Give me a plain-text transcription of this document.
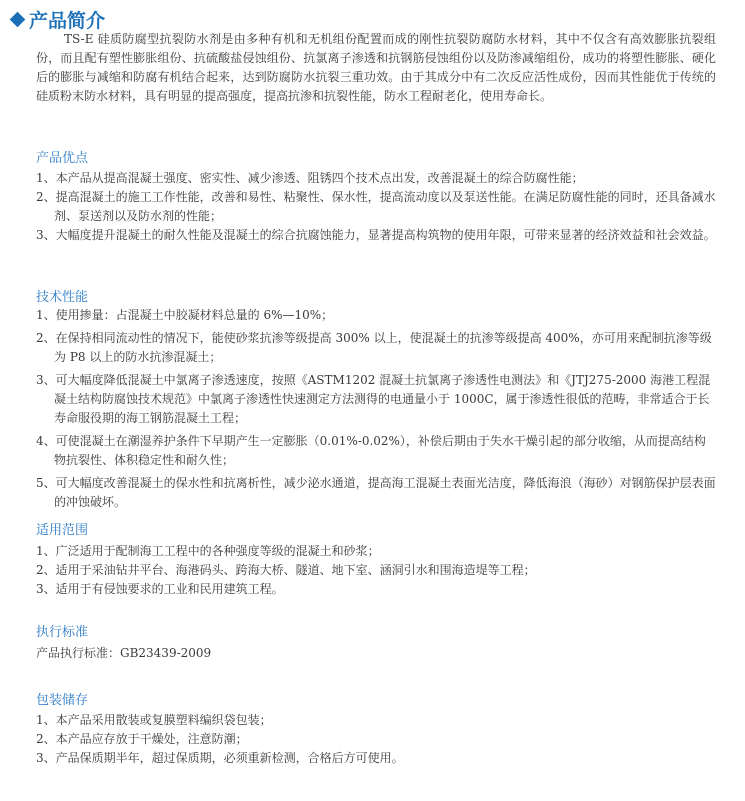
产品简介
TS-E 硅质防腐型抗裂防水剂是由多种有机和无机组份配置而成的刚性抗裂防腐防水材料，其中不仅含有高效膨胀抗裂组份，而且配有塑性膨胀组份、抗硫酸盐侵蚀组份、抗氯离子渗透和抗钢筋侵蚀组份以及防渗减缩组份，成功的将塑性膨胀、硬化后的膨胀与减缩和防腐有机结合起来，达到防腐防水抗裂三重功效。由于其成分中有二次反应活性成份，因而其性能优于传统的硅质粉末防水材料，具有明显的提高强度，提高抗渗和抗裂性能，防水工程耐老化，使用寿命长。
产品优点
1、本产品从提高混凝土强度、密实性、减少渗透、阻锈四个技术点出发，改善混凝土的综合防腐性能；
2、提高混凝土的施工工作性能，改善和易性、粘聚性、保水性，提高流动度以及泵送性能。在满足防腐性能的同时，还具备减水剂、泵送剂以及防水剂的性能；
3、大幅度提升混凝土的耐久性能及混凝土的综合抗腐蚀能力，显著提高构筑物的使用年限，可带来显著的经济效益和社会效益。
技术性能
1、使用掺量：占混凝土中胶凝材料总量的 6%—10%；
2、在保持相同流动性的情况下，能使砂浆抗渗等级提高 300% 以上，使混凝土的抗渗等级提高 400%，亦可用来配制抗渗等级为 P8 以上的防水抗渗混凝土；
3、可大幅度降低混凝土中氯离子渗透速度，按照《ASTM1202 混凝土抗氯离子渗透性电测法》和《JTJ275-2000 海港工程混凝土结构防腐蚀技术规范》中氯离子渗透性快速测定方法测得的电通量小于 1000C，属于渗透性很低的范畴，非常适合于长寿命服役期的海工钢筋混凝土工程；
4、可使混凝土在潮湿养护条件下早期产生一定膨胀（0.01%-0.02%），补偿后期由于失水干燥引起的部分收缩，从而提高结构物抗裂性、体积稳定性和耐久性；
5、可大幅度改善混凝土的保水性和抗离析性，减少泌水通道，提高海工混凝土表面光洁度，降低海浪（海砂）对钢筋保护层表面的冲蚀破坏。
适用范围
1、广泛适用于配制海工工程中的各种强度等级的混凝土和砂浆；
2、适用于采油钻井平台、海港码头、跨海大桥、隧道、地下室、涵洞引水和围海造堤等工程；
3、适用于有侵蚀要求的工业和民用建筑工程。
执行标准
产品执行标准：GB23439-2009
包装储存
1、本产品采用散装或复膜塑料编织袋包装；
2、本产品应存放于干燥处，注意防潮；
3、产品保质期半年，超过保质期，必须重新检测，合格后方可使用。
